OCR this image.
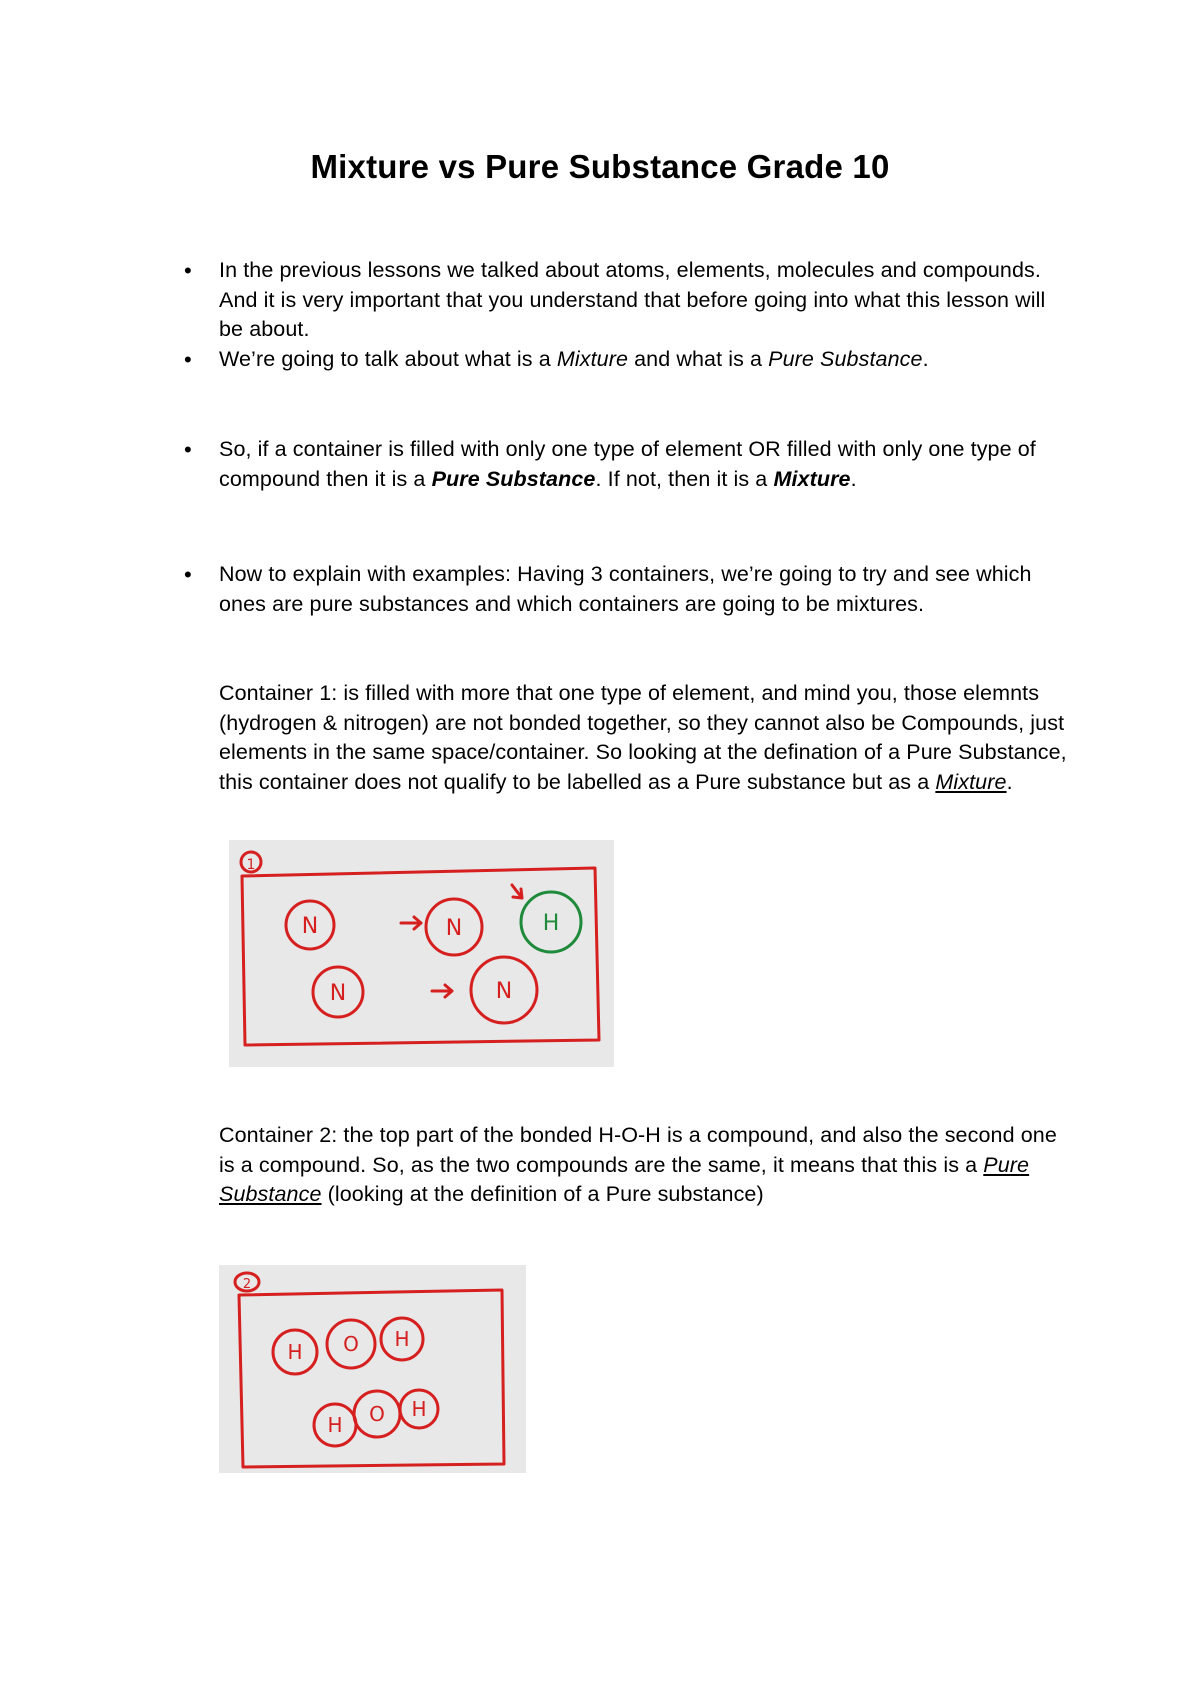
Mixture vs Pure Substance Grade 10
• In the previous lessons we talked about atoms, elements, molecules and compounds. And it is very important that you understand that before going into what this lesson will be about.
• We’re going to talk about what is a Mixture and what is a Pure Substance.
• So, if a container is filled with only one type of element OR filled with only one type of compound then it is a Pure Substance. If not, then it is a Mixture.
• Now to explain with examples: Having 3 containers, we’re going to try and see which ones are pure substances and which containers are going to be mixtures.
Container 1: is filled with more that one type of element, and mind you, those elemnts (hydrogen & nitrogen) are not bonded together, so they cannot also be Compounds, just elements in the same space/container. So looking at the defination of a Pure Substance, this container does not qualify to be labelled as a Pure substance but as a Mixture.
1
N	N	H
N	N
Container 2: the top part of the bonded H-O-H is a compound, and also the second one is a compound. So, as the two compounds are the same, it means that this is a Pure Substance (looking at the definition of a Pure substance)
2
H O H
H O H
